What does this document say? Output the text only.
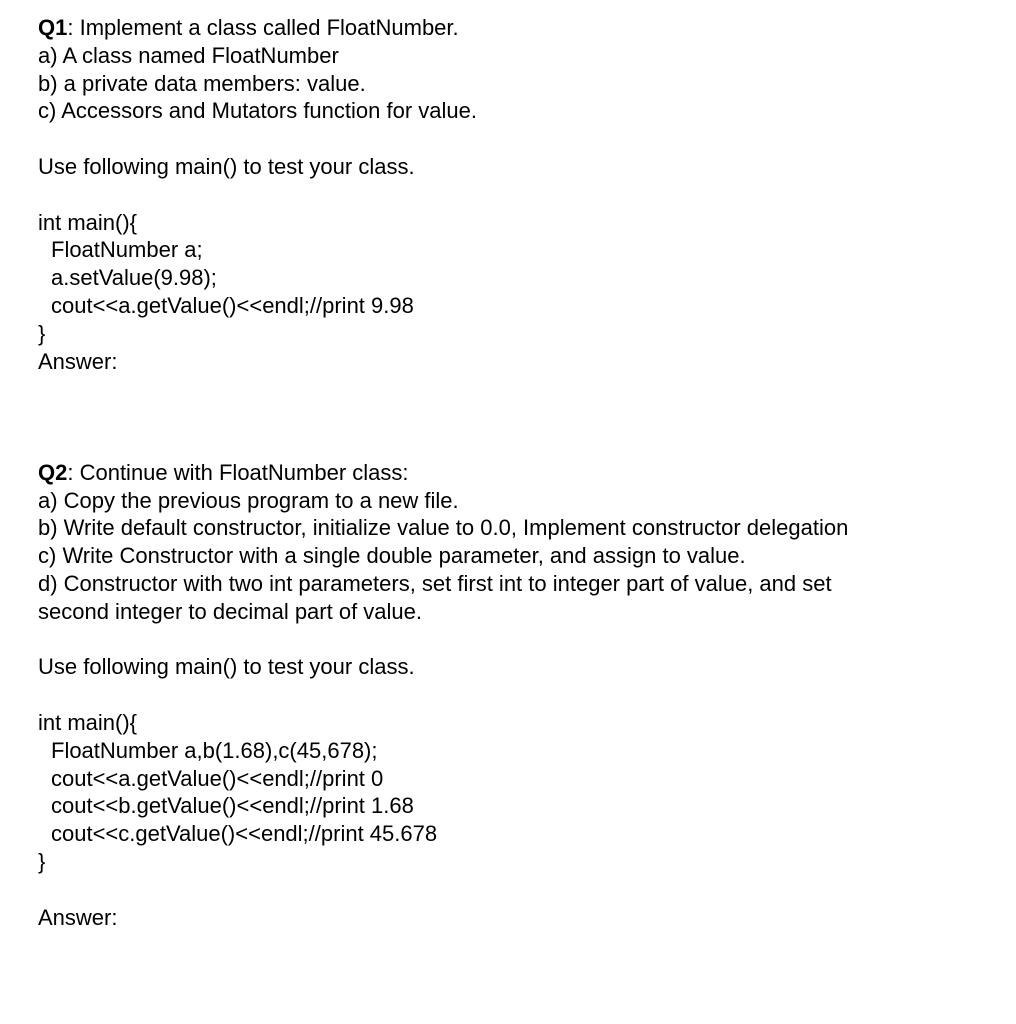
Q1: Implement a class called FloatNumber.
a) A class named FloatNumber
b) a private data members: value.
c) Accessors and Mutators function for value.
Use following main() to test your class.
int main(){
FloatNumber a;
a.setValue(9.98);
cout<<a.getValue()<<endl;//print 9.98
}
Answer:
Q2: Continue with FloatNumber class:
a) Copy the previous program to a new file.
b) Write default constructor, initialize value to 0.0, Implement constructor delegation
c) Write Constructor with a single double parameter, and assign to value.
d) Constructor with two int parameters, set first int to integer part of value, and set
second integer to decimal part of value.
Use following main() to test your class.
int main(){
FloatNumber a,b(1.68),c(45,678);
cout<<a.getValue()<<endl;//print 0
cout<<b.getValue()<<endl;//print 1.68
cout<<c.getValue()<<endl;//print 45.678
}
Answer:
